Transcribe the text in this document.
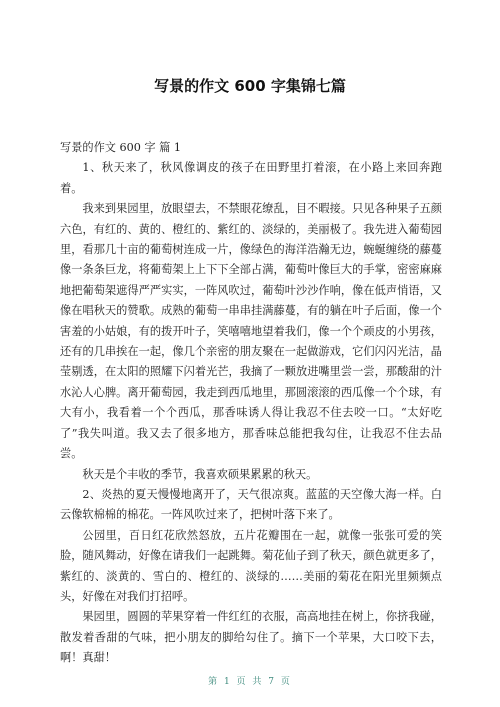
写景的作文 600 字集锦七篇

写景的作文 600 字 篇 1

1、秋天来了，秋风像调皮的孩子在田野里打着滚，在小路上来回奔跑着。

我来到果园里，放眼望去，不禁眼花缭乱，目不暇接。只见各种果子五颜六色，有红的、黄的、橙红的、紫红的、淡绿的，美丽极了。我先进入葡萄园里，看那几十亩的葡萄树连成一片，像绿色的海洋浩瀚无边，蜿蜒缠绕的藤蔓像一条条巨龙，将葡萄架上上下下全部占满，葡萄叶像巨大的手掌，密密麻麻地把葡萄架遮得严严实实，一阵风吹过，葡萄叶沙沙作响，像在低声悄语，又像在唱秋天的赞歌。成熟的葡萄一串串挂满藤蔓，有的躺在叶子后面，像一个害羞的小姑娘，有的拨开叶子，笑嘻嘻地望着我们，像一个个顽皮的小男孩，还有的几串挨在一起，像几个亲密的朋友聚在一起做游戏，它们闪闪光洁，晶莹剔透，在太阳的照耀下闪着光芒，我摘了一颗放进嘴里尝一尝，那酸甜的汁水沁人心脾。离开葡萄园，我走到西瓜地里，那圆滚滚的西瓜像一个个球，有大有小，我看着一个个西瓜，那香味诱人得让我忍不住去咬一口。“太好吃了”我失叫道。我又去了很多地方，那香味总能把我勾住，让我忍不住去品尝。

秋天是个丰收的季节，我喜欢硕果累累的秋天。

2、炎热的夏天慢慢地离开了，天气很凉爽。蓝蓝的天空像大海一样。白云像软棉棉的棉花。一阵风吹过来了，把树叶落下来了。

公园里，百日红花欣然怒放，五片花瓣围在一起，就像一张张可爱的笑脸，随风舞动，好像在请我们一起跳舞。菊花仙子到了秋天，颜色就更多了，紫红的、淡黄的、雪白的、橙红的、淡绿的……美丽的菊花在阳光里频频点头，好像在对我们打招呼。

果园里，圆圆的苹果穿着一件红红的衣服，高高地挂在树上，你挤我碰，散发着香甜的气味，把小朋友的脚给勾住了。摘下一个苹果，大口咬下去，啊！真甜！

第 1 页 共 7 页
